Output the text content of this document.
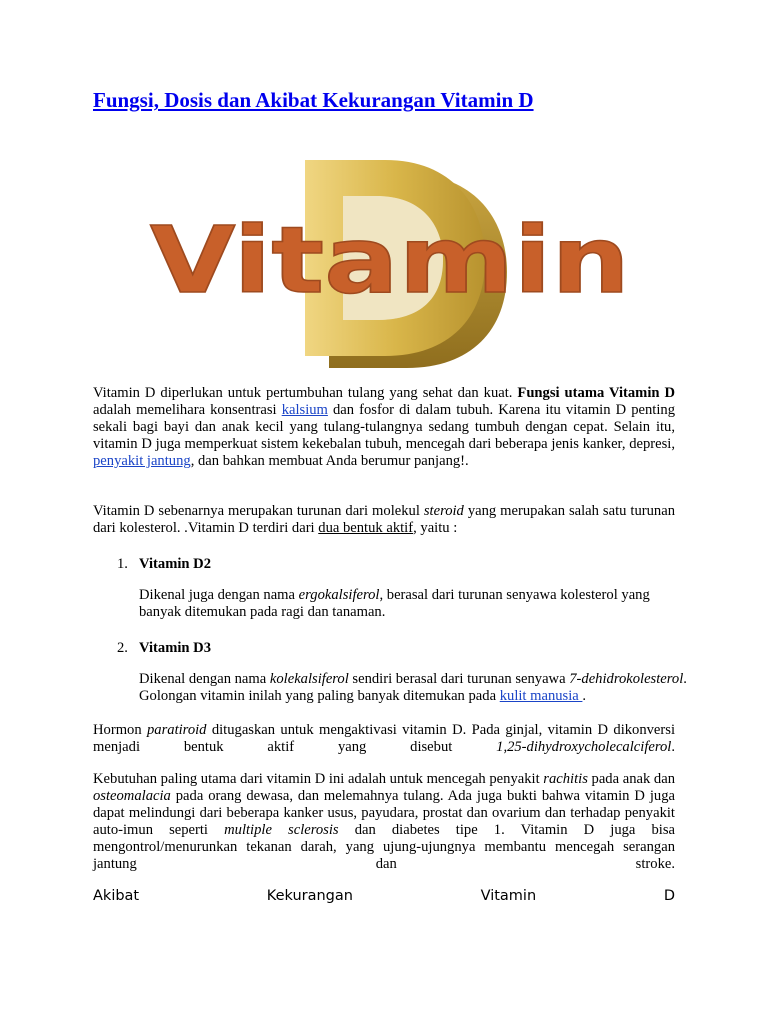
Fungsi, Dosis dan Akibat Kekurangan Vitamin D
Vitamin

Vitamin D diperlukan untuk pertumbuhan tulang yang sehat dan kuat. Fungsi utama Vitamin D adalah memelihara konsentrasi kalsium dan fosfor di dalam tubuh. Karena itu vitamin D penting sekali bagi bayi dan anak kecil yang tulang-tulangnya sedang tumbuh dengan cepat. Selain itu, vitamin D juga memperkuat sistem kekebalan tubuh, mencegah dari beberapa jenis kanker, depresi, penyakit jantung, dan bahkan membuat Anda berumur panjang!.

Vitamin D sebenarnya merupakan turunan dari molekul steroid yang merupakan salah satu turunan dari kolesterol. .Vitamin D terdiri dari dua bentuk aktif, yaitu :

1. Vitamin D2

Dikenal juga dengan nama ergokalsiferol, berasal dari turunan senyawa kolesterol yang banyak ditemukan pada ragi dan tanaman.

2. Vitamin D3

Dikenal dengan nama kolekalsiferol sendiri berasal dari turunan senyawa 7-dehidrokolesterol. Golongan vitamin inilah yang paling banyak ditemukan pada kulit manusia .

Hormon paratiroid ditugaskan untuk mengaktivasi vitamin D. Pada ginjal, vitamin D dikonversi menjadi bentuk aktif yang disebut 1,25-dihydroxycholecalciferol.

Kebutuhan paling utama dari vitamin D ini adalah untuk mencegah penyakit rachitis pada anak dan osteomalacia pada orang dewasa, dan melemahnya tulang. Ada juga bukti bahwa vitamin D juga dapat melindungi dari beberapa kanker usus, payudara, prostat dan ovarium dan terhadap penyakit auto-imun seperti multiple sclerosis dan diabetes tipe 1. Vitamin D juga bisa mengontrol/menurunkan tekanan darah, yang ujung-ujungnya membantu mencegah serangan jantung dan stroke.

Akibat	Kekurangan	Vitamin	D
